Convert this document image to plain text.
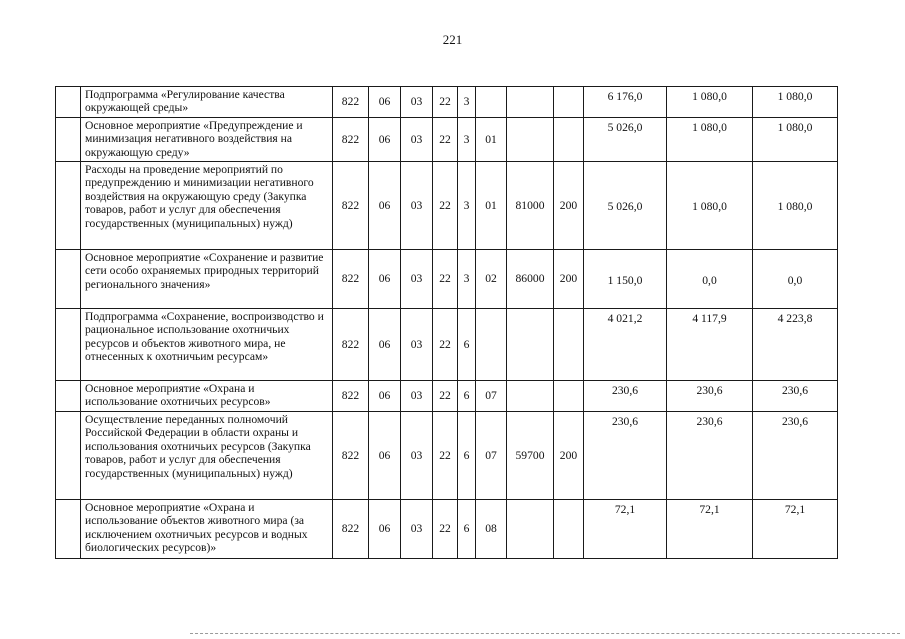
221
	Подпрограмма «Регулирование качества окружающей среды»	822	06	03	22	3				6 176,0	1 080,0	1 080,0
	Основное мероприятие «Предупреждение и минимизация негативного воздействия на окружающую среду»	822	06	03	22	3	01			5 026,0	1 080,0	1 080,0
	Расходы на проведение мероприятий по предупреждению и минимизации негативного воздействия на окружающую среду (Закупка товаров, работ и услуг для обеспечения государственных (муниципальных) нужд)	822	06	03	22	3	01	81000	200	5 026,0	1 080,0	1 080,0
	Основное мероприятие «Сохранение и развитие сети особо охраняемых природных территорий регионального значения»	822	06	03	22	3	02	86000	200	1 150,0	0,0	0,0
	Подпрограмма «Сохранение, воспроизводство и рациональное использование охотничьих ресурсов и объектов животного мира, не отнесенных к охотничьим ресурсам»	822	06	03	22	6				4 021,2	4 117,9	4 223,8
	Основное мероприятие «Охрана и использование охотничьих ресурсов»	822	06	03	22	6	07			230,6	230,6	230,6
	Осуществление переданных полномочий Российской Федерации в области охраны и использования охотничьих ресурсов (Закупка товаров, работ и услуг для обеспечения государственных (муниципальных) нужд)	822	06	03	22	6	07	59700	200	230,6	230,6	230,6
	Основное мероприятие «Охрана и использование объектов животного мира (за исключением охотничьих ресурсов и водных биологических ресурсов)»	822	06	03	22	6	08			72,1	72,1	72,1
